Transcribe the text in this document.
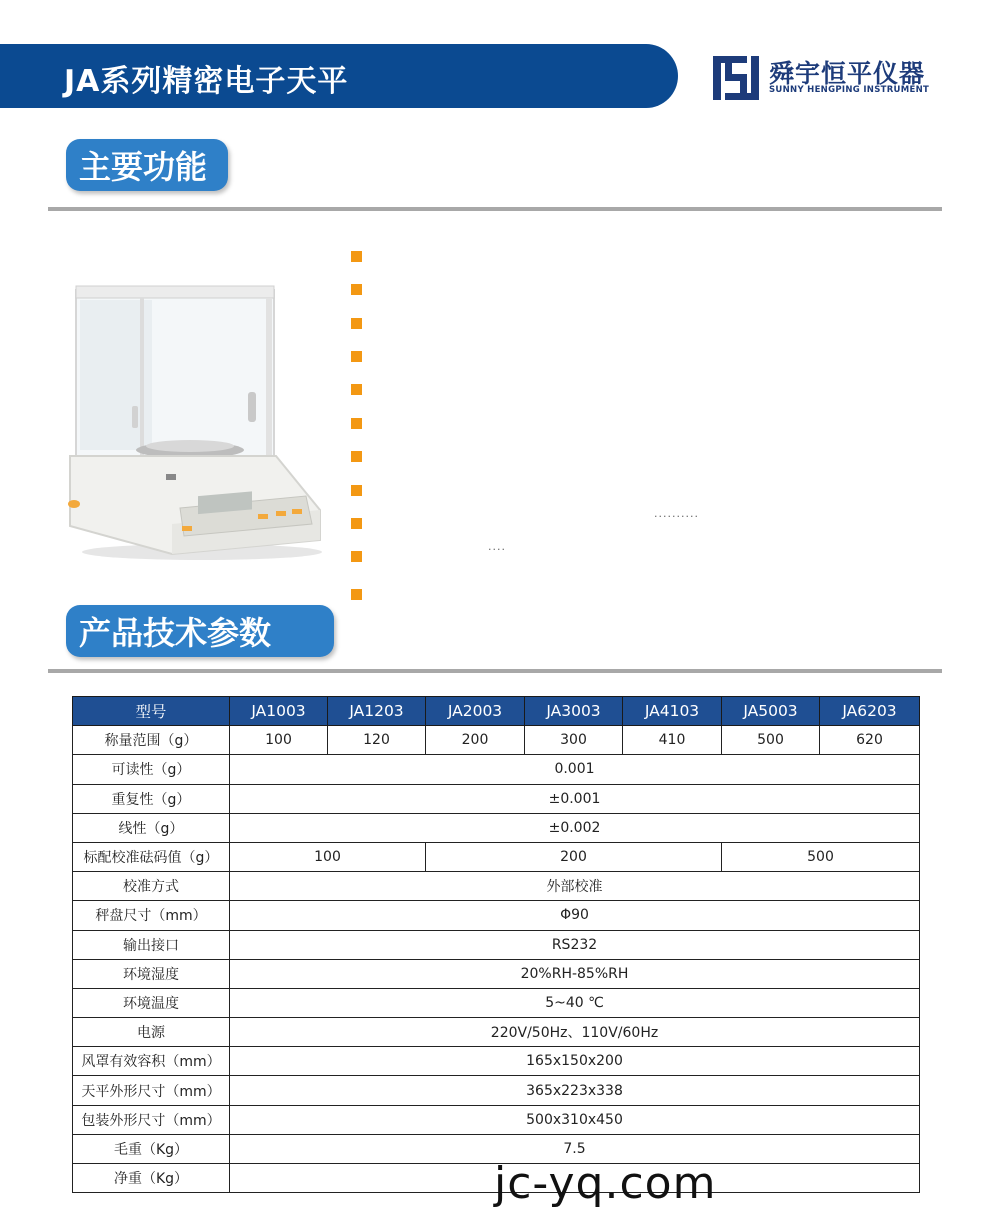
JA系列精密电子天平	舜宇恒平仪器
SUNNY HENGPING INSTRUMENT
主要功能
..........
....
产品技术参数
型号	JA1003	JA1203	JA2003	JA3003	JA4103	JA5003	JA6203
称量范围（g）	100	120	200	300	410	500	620
可读性（g）	0.001						
重复性（g）	±0.001						
线性（g）	±0.002						
标配校准砝码值（g）	100		200			500	
校准方式	外部校准						
秤盘尺寸（mm）	Φ90						
输出接口	RS232						
环境湿度	20%RH-85%RH						
环境温度	5~40 ℃						
电源	220V/50Hz、110V/60Hz						
风罩有效容积（mm）	165x150x200						
天平外形尺寸（mm）	365x223x338						
包装外形尺寸（mm）	500x310x450						
毛重（Kg）	7.5						
净重（Kg）								jc-yq.com
